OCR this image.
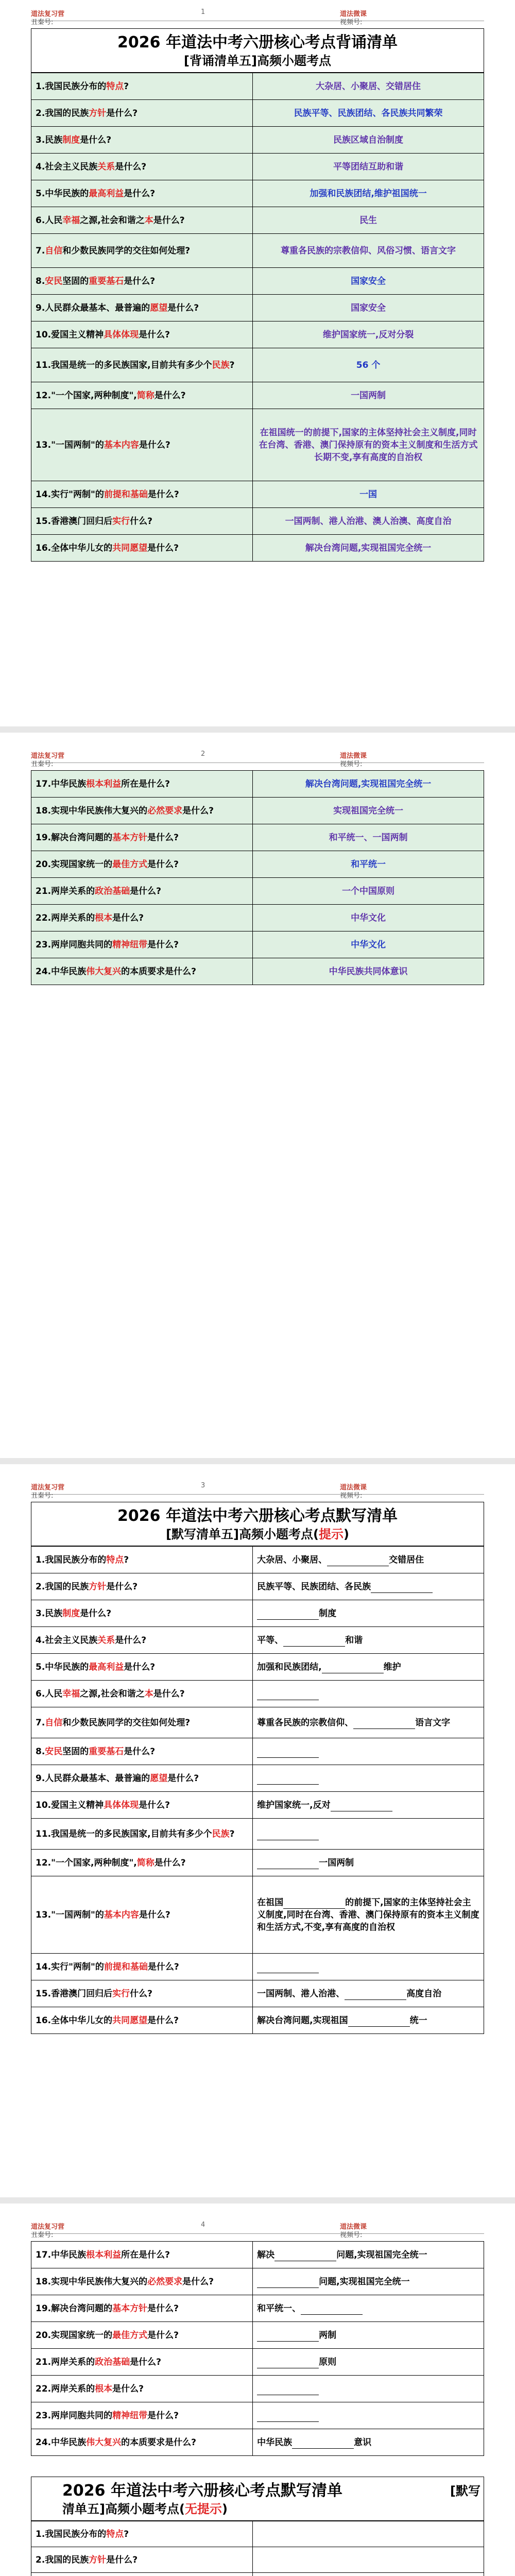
丑秦号:
道法复习营	1
视频号:
道法微课
2026 年道法中考六册核心考点背诵清单
[背诵清单五]高频小题考点
1.我国民族分布的特点?	大杂居、小聚居、交错居住
2.我国的民族方针是什么?	民族平等、民族团结、各民族共同繁荣
3.民族制度是什么?	民族区域自治制度
4.社会主义民族关系是什么?	平等团结互助和谐
5.中华民族的最高利益是什么?	加强和民族团结,维护祖国统一
6.人民幸福之源,社会和谐之本是什么?	民生
7.自信和少数民族同学的交往如何处理?	尊重各民族的宗教信仰、风俗习惯、语言文字
8.安民坚固的重要基石是什么?	国家安全
9.人民群众最基本、最普遍的愿望是什么?	国家安全
10.爱国主义精神具体体现是什么?	维护国家统一,反对分裂
11.我国是统一的多民族国家,目前共有多少个民族?	56 个
12."一个国家,两种制度",简称是什么?	一国两制
13."一国两制"的基本内容是什么?	在祖国统一的前提下,国家的主体坚持社会主义制度,同时在台湾、香港、澳门保持原有的资本主义制度和生活方式长期不变,享有高度的自治权
14.实行"两制"的前提和基础是什么?	一国
15.香港澳门回归后实行什么?	一国两制、港人治港、澳人治澳、高度自治
16.全体中华儿女的共同愿望是什么?	解决台湾问题,实现祖国完全统一
丑秦号:
道法复习营	2
视频号:
道法微课
17.中华民族根本利益所在是什么?	解决台湾问题,实现祖国完全统一
18.实现中华民族伟大复兴的必然要求是什么?	实现祖国完全统一
19.解决台湾问题的基本方针是什么?	和平统一、一国两制
20.实现国家统一的最佳方式是什么?	和平统一
21.两岸关系的政治基础是什么?	一个中国原则
22.两岸关系的根本是什么?	中华文化
23.两岸同胞共同的精神纽带是什么?	中华文化
24.中华民族伟大复兴的本质要求是什么?	中华民族共同体意识
丑秦号:
道法复习营	3
视频号:
道法微课
2026 年道法中考六册核心考点默写清单
[默写清单五]高频小题考点(提示)
1.我国民族分布的特点?	大杂居、小聚居、 交错居住
2.我国的民族方针是什么?	民族平等、民族团结、各民族
3.民族制度是什么?	制度
4.社会主义民族关系是什么?	平等、 和谐
5.中华民族的最高利益是什么?	加强和民族团结, 维护
6.人民幸福之源,社会和谐之本是什么?	
7.自信和少数民族同学的交往如何处理?	尊重各民族的宗教信仰、 语言文字
8.安民坚固的重要基石是什么?	
9.人民群众最基本、最普遍的愿望是什么?	
10.爱国主义精神具体体现是什么?	维护国家统一,反对
11.我国是统一的多民族国家,目前共有多少个民族?	
12."一个国家,两种制度",简称是什么?	一国两制
13."一国两制"的基本内容是什么?	在祖国 的前提下,国家的主体坚持社会主义制度,同时在台湾、香港、澳门保持原有的资本主义制度和生活方式,不变,享有高度的自治权
14.实行"两制"的前提和基础是什么?	
15.香港澳门回归后实行什么?	一国两制、港人治港、 高度自治
16.全体中华儿女的共同愿望是什么?	解决台湾问题,实现祖国 统一
丑秦号:
道法复习营	4
视频号:
道法微课
17.中华民族根本利益所在是什么?	解决 问题,实现祖国完全统一
18.实现中华民族伟大复兴的必然要求是什么?	问题,实现祖国完全统一
19.解决台湾问题的基本方针是什么?	和平统一、
20.实现国家统一的最佳方式是什么?	两制
21.两岸关系的政治基础是什么?	原则
22.两岸关系的根本是什么?	
23.两岸同胞共同的精神纽带是什么?	
24.中华民族伟大复兴的本质要求是什么?	中华民族 意识
2026 年道法中考六册核心考点默写清单	[默写
清单五]高频小题考点(无提示)
1.我国民族分布的特点?	
2.我国的民族方针是什么?	
